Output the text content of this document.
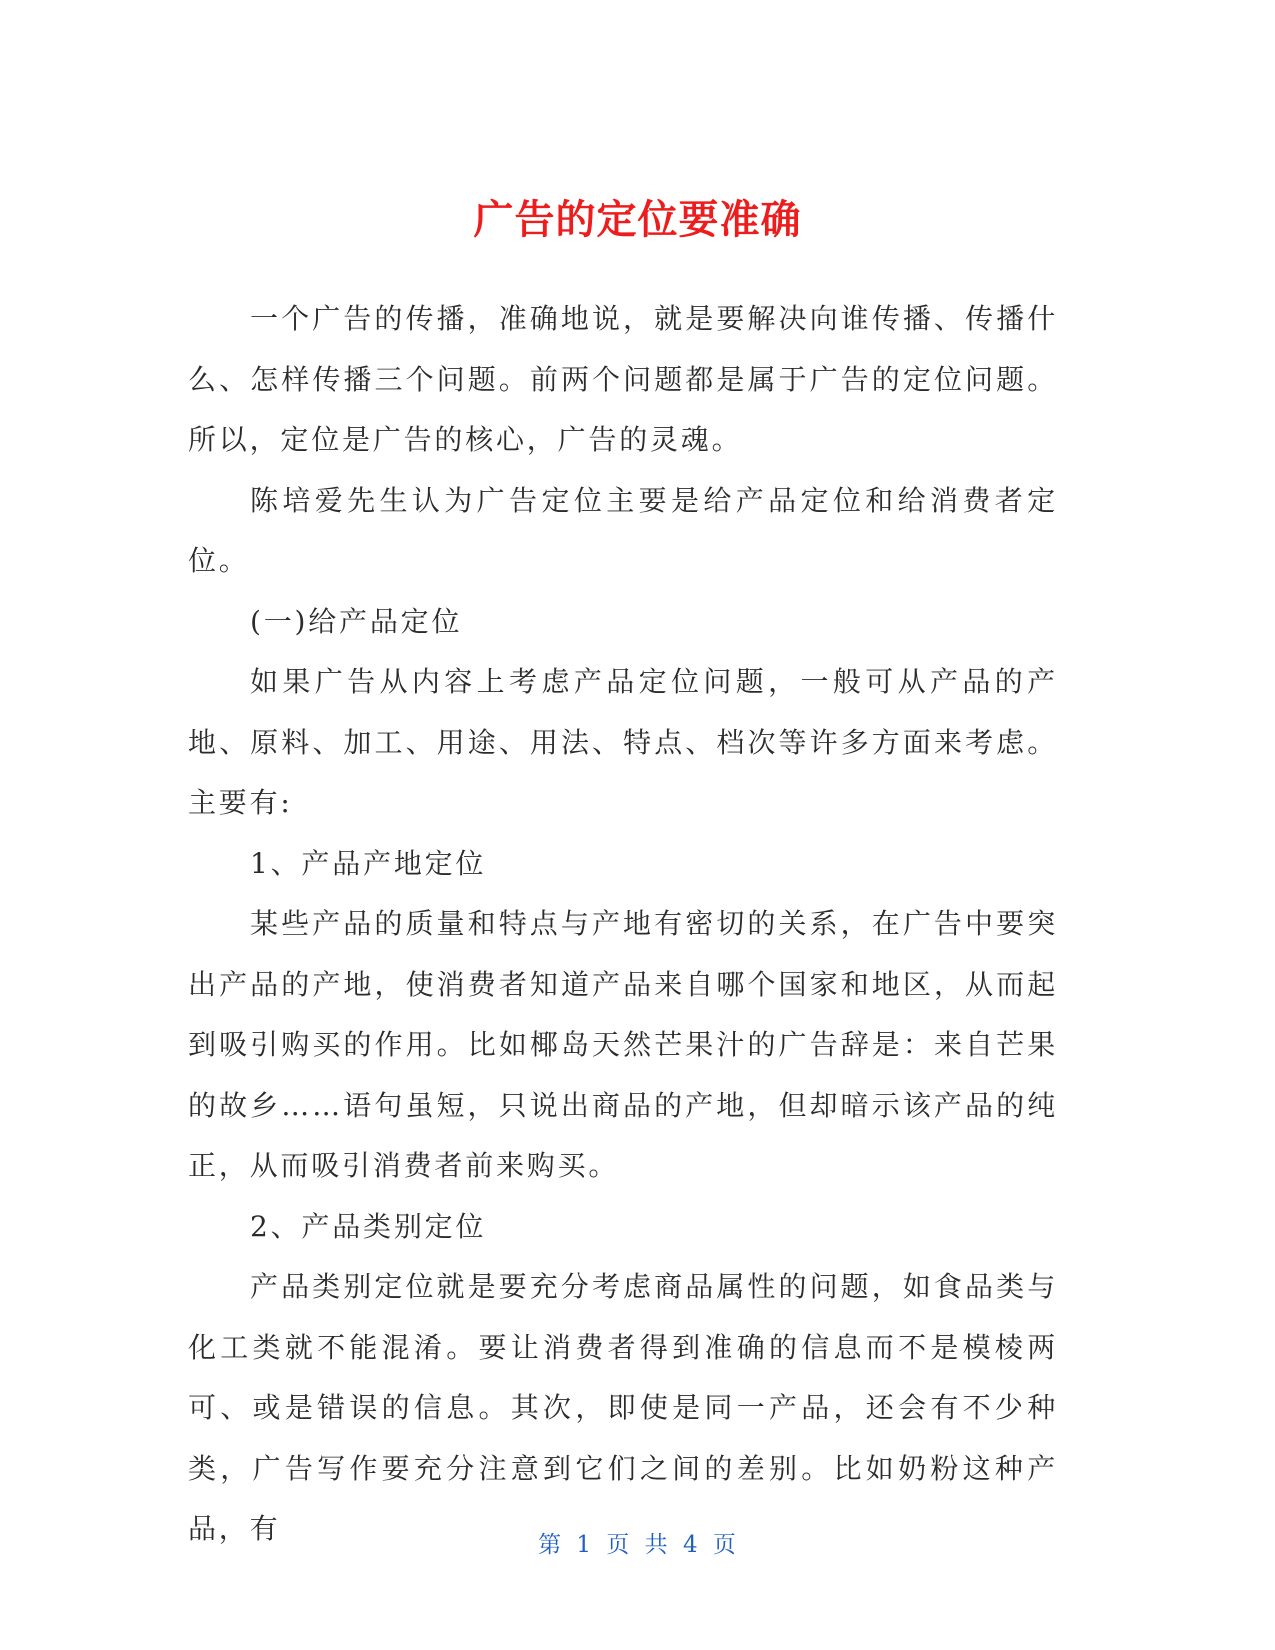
广告的定位要准确

一个广告的传播，准确地说，就是要解决向谁传播、传播什么、怎样传播三个问题。前两个问题都是属于广告的定位问题。所以，定位是广告的核心，广告的灵魂。

陈培爱先生认为广告定位主要是给产品定位和给消费者定位。

(一)给产品定位

如果广告从内容上考虑产品定位问题，一般可从产品的产地、原料、加工、用途、用法、特点、档次等许多方面来考虑。主要有:

1、产品产地定位

某些产品的质量和特点与产地有密切的关系，在广告中要突出产品的产地，使消费者知道产品来自哪个国家和地区，从而起到吸引购买的作用。比如椰岛天然芒果汁的广告辞是：来自芒果的故乡……语句虽短，只说出商品的产地，但却暗示该产品的纯正，从而吸引消费者前来购买。

2、产品类别定位

产品类别定位就是要充分考虑商品属性的问题，如食品类与化工类就不能混淆。要让消费者得到准确的信息而不是模棱两可、或是错误的信息。其次，即使是同一产品，还会有不少种类，广告写作要充分注意到它们之间的差别。比如奶粉这种产品，有	第 1 页 共 4 页
